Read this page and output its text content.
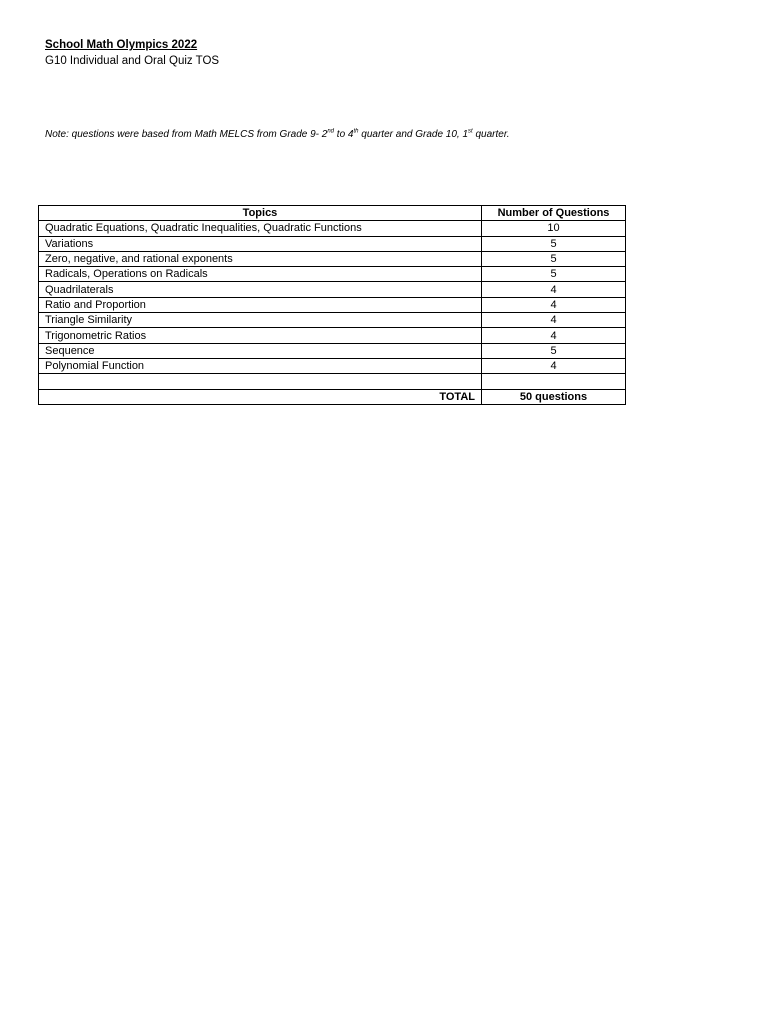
School Math Olympics 2022
G10 Individual and Oral Quiz TOS
Note: questions were based from Math MELCS from Grade 9- 2nd to 4th quarter and Grade 10, 1st quarter.
Topics	Number of Questions
Quadratic Equations, Quadratic Inequalities, Quadratic Functions	10
Variations	5
Zero, negative, and rational exponents	5
Radicals, Operations on Radicals	5
Quadrilaterals	4
Ratio and Proportion	4
Triangle Similarity	4
Trigonometric Ratios	4
Sequence	5
Polynomial Function	4

TOTAL	50 questions
